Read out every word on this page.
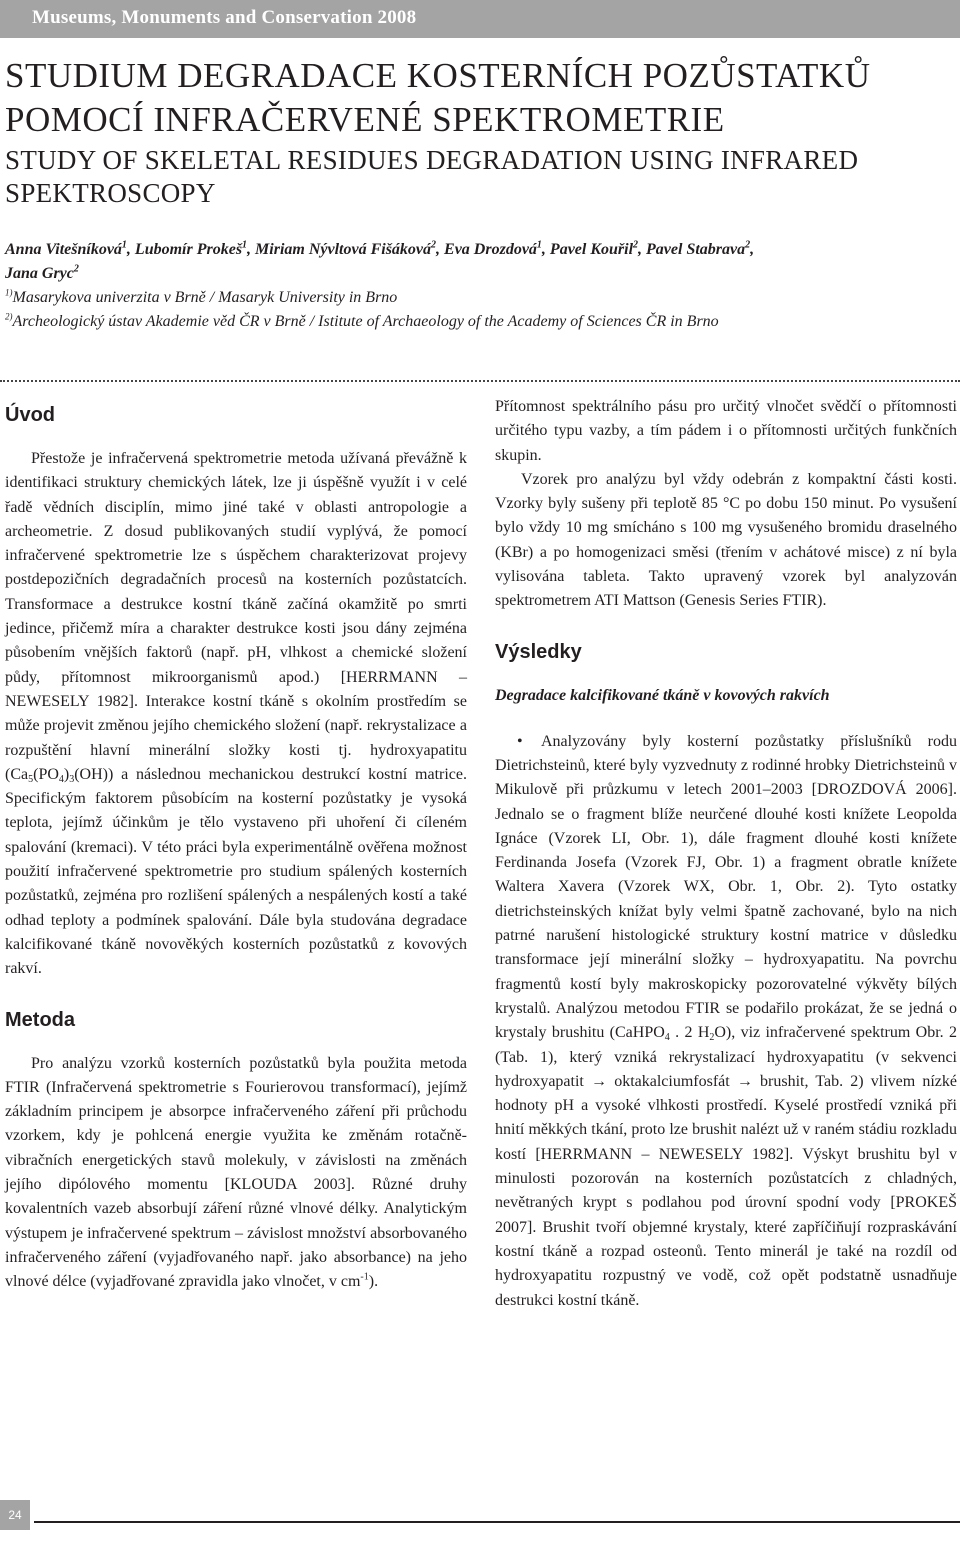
Museums, Monuments and Conservation 2008
STUDIUM DEGRADACE KOSTERNÍCH POZŮSTATKŮ
POMOCÍ INFRAČERVENÉ SPEKTROMETRIE
STUDY OF SKELETAL RESIDUES DEGRADATION USING INFRARED
SPEKTROSCOPY
Anna Vitešníková$^1$, Lubomír Prokeš$^1$, Miriam Nývltová Fišáková$^2$, Eva Drozdová$^1$, Pavel Kouřil$^2$, Pavel Stabrava$^2$,
Jana Gryc$^2$
$^{1)}$Masarykova univerzita v Brně / Masaryk University in Brno
$^{2)}$Archeologický ústav Akademie věd ČR v Brně / Istitute of Archaeology of the Academy of Sciences ČR in Brno
Úvod

Přestože je infračervená spektrometrie metoda užívaná převážně k identifikaci struktury chemických látek, lze ji úspěšně využít i v celé řadě vědních disciplín, mimo jiné také v oblasti antropologie a archeometrie. Z dosud publikovaných studií vyplývá, že pomocí infračervené spektrometrie lze s úspěchem charakterizovat projevy postdepozičních degradačních procesů na kosterních pozůstatcích. Transformace a destrukce kostní tkáně začíná okamžitě po smrti jedince, přičemž míra a charakter destrukce kosti jsou dány zejména působením vnějších faktorů (např. pH, vlhkost a chemické složení půdy, přítomnost mikroorganismů apod.) [HERRMANN – NEWESELY 1982]. Interakce kostní tkáně s okolním prostředím se může projevit změnou jejího chemického složení (např. rekrystalizace a rozpuštění hlavní minerální složky kosti tj. hydroxyapatitu $(Ca_5(PO_4)_3(OH))$ a následnou mechanickou destrukcí kostní matrice. Specifickým faktorem působícím na kosterní pozůstatky je vysoká teplota, jejímž účinkům je tělo vystaveno při uhoření či cíleném spalování (kremaci). V této práci byla experimentálně ověřena možnost použití infračervené spektrometrie pro studium spálených kosterních pozůstatků, zejména pro rozlišení spálených a nespálených kostí a také odhad teploty a podmínek spalování. Dále byla studována degradace kalcifikované tkáně novověkých kosterních pozůstatků z kovových rakví.

Metoda

Pro analýzu vzorků kosterních pozůstatků byla použita metoda FTIR (Infračervená spektrometrie s Fourierovou transformací), jejímž základním principem je absorpce infračerveného záření při průchodu vzorkem, kdy je pohlcená energie využita ke změnám rotačně-vibračních energetických stavů molekuly, v závislosti na změnách jejího dipólového momentu [KLOUDA 2003]. Různé druhy kovalentních vazeb absorbují záření různé vlnové délky. Analytickým výstupem je infračervené spektrum – závislost množství absorbovaného infračerveného záření (vyjadřovaného např. jako absorbance) na jeho vlnové délce (vyjadřované zpravidla jako vlnočet, v $cm^{-1}$).

Přítomnost spektrálního pásu pro určitý vlnočet svědčí o přítomnosti určitého typu vazby, a tím pádem i o přítomnosti určitých funkčních skupin.

Vzorek pro analýzu byl vždy odebrán z kompaktní části kosti. Vzorky byly sušeny při teplotě 85 °C po dobu 150 minut. Po vysušení bylo vždy 10 mg smícháno s 100 mg vysušeného bromidu draselného (KBr) a po homogenizaci směsi (třením v achátové misce) z ní byla vylisována tableta. Takto upravený vzorek byl analyzován spektrometrem ATI Mattson (Genesis Series FTIR).

Výsledky
Degradace kalcifikované tkáně v kovových rakvích

• Analyzovány byly kosterní pozůstatky příslušníků rodu Dietrichsteinů, které byly vyzvednuty z rodinné hrobky Dietrichsteinů v Mikulově při průzkumu v letech 2001–2003 [DROZDOVÁ 2006]. Jednalo se o fragment blíže neurčené dlouhé kosti knížete Leopolda Ignáce (Vzorek LI, Obr. 1), dále fragment dlouhé kosti knížete Ferdinanda Josefa (Vzorek FJ, Obr. 1) a fragment obratle knížete Waltera Xavera (Vzorek WX, Obr. 1, Obr. 2). Tyto ostatky dietrichsteinských knížat byly velmi špatně zachované, bylo na nich patrné narušení histologické struktury kostní matrice v důsledku transformace její minerální složky – hydroxyapatitu. Na povrchu fragmentů kostí byly makroskopicky pozorovatelné výkvěty bílých krystalů. Analýzou metodou FTIR se podařilo prokázat, že se jedná o krystaly brushitu (CaHPO$_4$ . 2 $H_2O$), viz infračervené spektrum Obr. 2 (Tab. 1), který vzniká rekrystalizací hydroxyapatitu (v sekvenci hydroxyapatit → oktakalciumfosfát → brushit, Tab. 2) vlivem nízké hodnoty pH a vysoké vlhkosti prostředí. Kyselé prostředí vzniká při hnití měkkých tkání, proto lze brushit nalézt už v raném stádiu rozkladu kostí [HERRMANN – NEWESELY 1982]. Výskyt brushitu byl v minulosti pozorován na kosterních pozůstatcích z chladných, nevětraných krypt s podlahou pod úrovní spodní vody [PROKEŠ 2007]. Brushit tvoří objemné krystaly, které zapříčiňují rozpraskávání kostní tkáně a rozpad osteonů. Tento minerál je také na rozdíl od hydroxyapatitu rozpustný ve vodě, což opět podstatně usnadňuje destrukci kostní tkáně.

24
